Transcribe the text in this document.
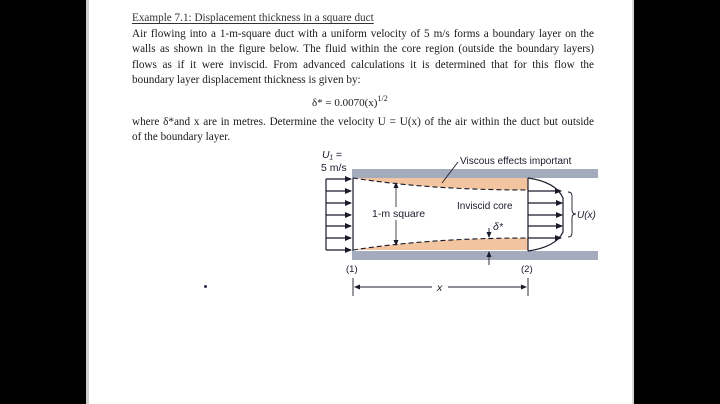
Example 7.1: Displacement thickness in a square duct
Air flowing into a 1-m-square duct with a uniform velocity of 5 m/s forms a boundary layer on the
walls as shown in the figure below. The fluid within the core region (outside the boundary layers)
flows as if it were inviscid. From advanced calculations it is determined that for this flow the
boundary layer displacement thickness is given by:
$\delta* = 0.0070(x)^{1/2}$
where δ*and x are in metres. Determine the velocity U = U(x) of the air within the duct but outside
of the boundary layer.
U₁ =
5 m/s
1-m square
Viscous effects important
Inviscid core
δ*
U(x)
(1)	(2)
x
